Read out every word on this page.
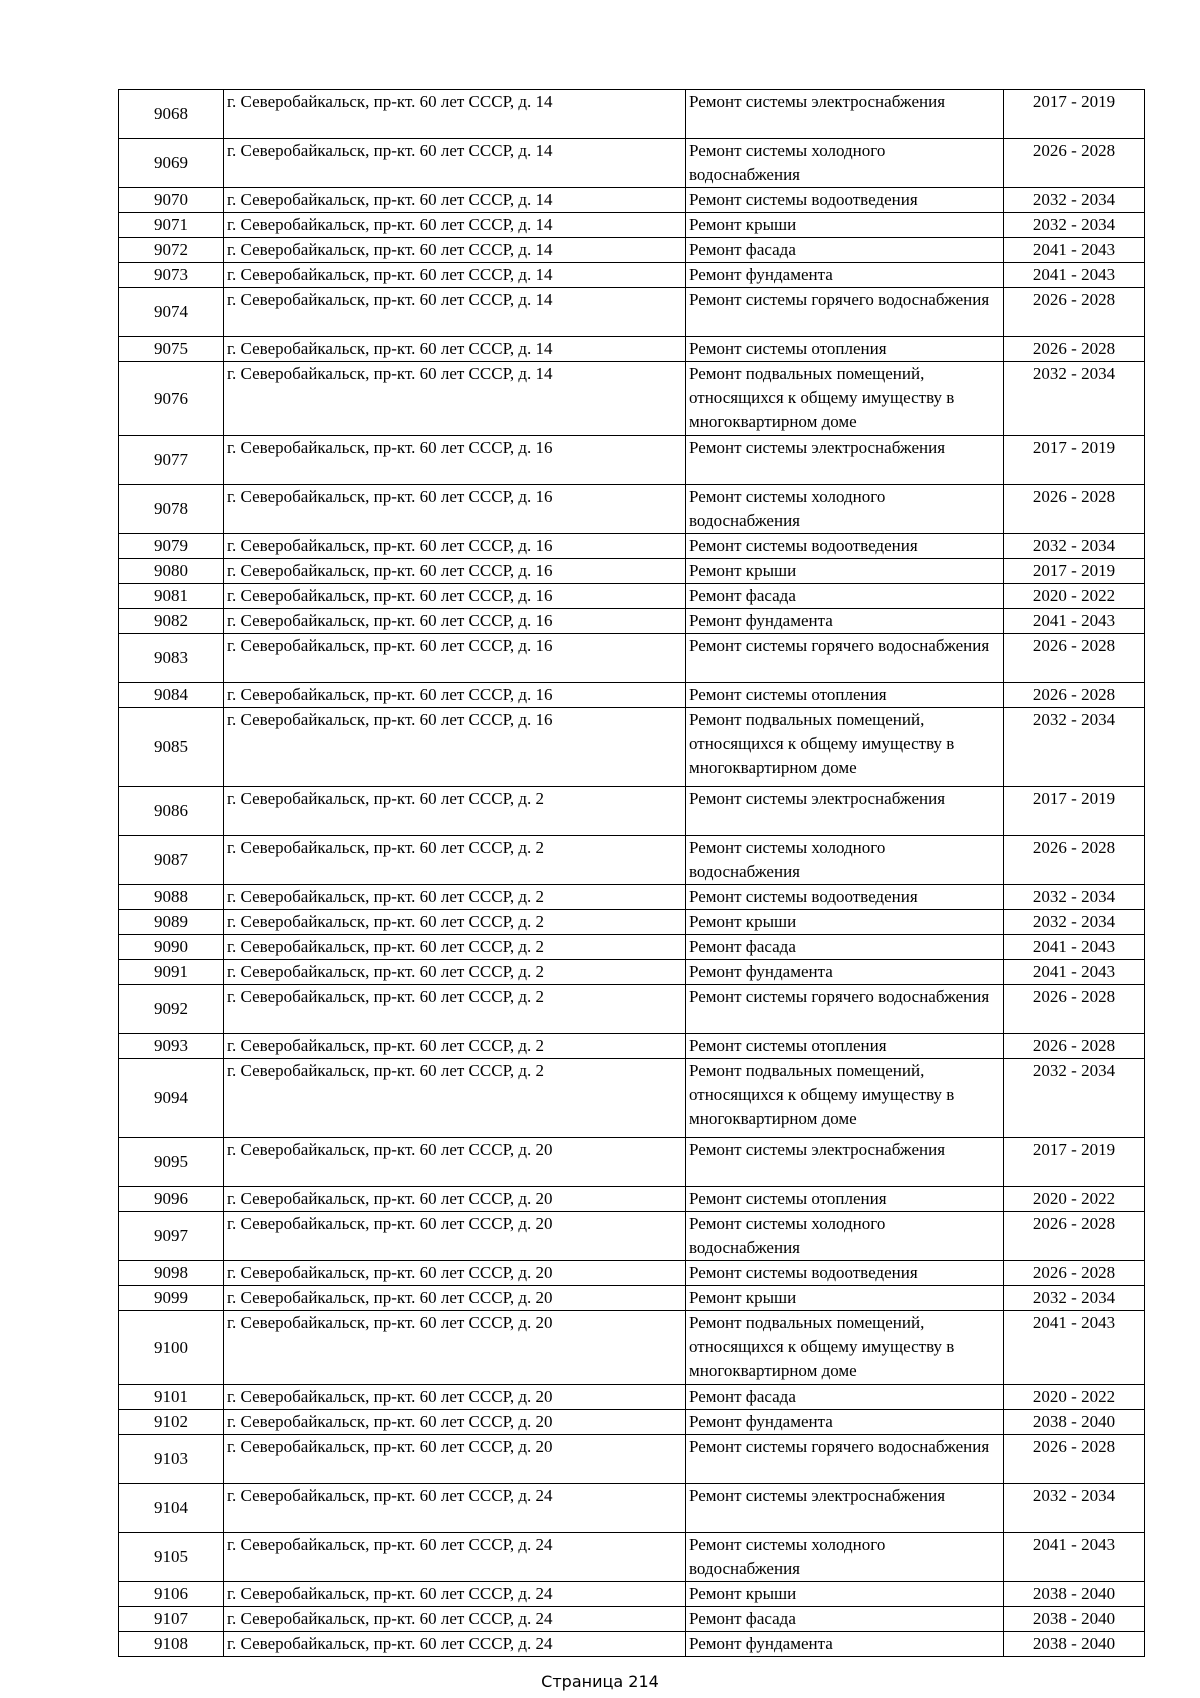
9068	г. Северобайкальск, пр-кт. 60 лет СССР, д. 14	Ремонт системы электроснабжения	2017 - 2019
9069	г. Северобайкальск, пр-кт. 60 лет СССР, д. 14	Ремонт системы холодного водоснабжения	2026 - 2028
9070	г. Северобайкальск, пр-кт. 60 лет СССР, д. 14	Ремонт системы водоотведения	2032 - 2034
9071	г. Северобайкальск, пр-кт. 60 лет СССР, д. 14	Ремонт крыши	2032 - 2034
9072	г. Северобайкальск, пр-кт. 60 лет СССР, д. 14	Ремонт фасада	2041 - 2043
9073	г. Северобайкальск, пр-кт. 60 лет СССР, д. 14	Ремонт фундамента	2041 - 2043
9074	г. Северобайкальск, пр-кт. 60 лет СССР, д. 14	Ремонт системы горячего водоснабжения	2026 - 2028
9075	г. Северобайкальск, пр-кт. 60 лет СССР, д. 14	Ремонт системы отопления	2026 - 2028
9076	г. Северобайкальск, пр-кт. 60 лет СССР, д. 14	Ремонт подвальных помещений, относящихся к общему имуществу в многоквартирном доме	2032 - 2034
9077	г. Северобайкальск, пр-кт. 60 лет СССР, д. 16	Ремонт системы электроснабжения	2017 - 2019
9078	г. Северобайкальск, пр-кт. 60 лет СССР, д. 16	Ремонт системы холодного водоснабжения	2026 - 2028
9079	г. Северобайкальск, пр-кт. 60 лет СССР, д. 16	Ремонт системы водоотведения	2032 - 2034
9080	г. Северобайкальск, пр-кт. 60 лет СССР, д. 16	Ремонт крыши	2017 - 2019
9081	г. Северобайкальск, пр-кт. 60 лет СССР, д. 16	Ремонт фасада	2020 - 2022
9082	г. Северобайкальск, пр-кт. 60 лет СССР, д. 16	Ремонт фундамента	2041 - 2043
9083	г. Северобайкальск, пр-кт. 60 лет СССР, д. 16	Ремонт системы горячего водоснабжения	2026 - 2028
9084	г. Северобайкальск, пр-кт. 60 лет СССР, д. 16	Ремонт системы отопления	2026 - 2028
9085	г. Северобайкальск, пр-кт. 60 лет СССР, д. 16	Ремонт подвальных помещений, относящихся к общему имуществу в многоквартирном доме	2032 - 2034
9086	г. Северобайкальск, пр-кт. 60 лет СССР, д. 2	Ремонт системы электроснабжения	2017 - 2019
9087	г. Северобайкальск, пр-кт. 60 лет СССР, д. 2	Ремонт системы холодного водоснабжения	2026 - 2028
9088	г. Северобайкальск, пр-кт. 60 лет СССР, д. 2	Ремонт системы водоотведения	2032 - 2034
9089	г. Северобайкальск, пр-кт. 60 лет СССР, д. 2	Ремонт крыши	2032 - 2034
9090	г. Северобайкальск, пр-кт. 60 лет СССР, д. 2	Ремонт фасада	2041 - 2043
9091	г. Северобайкальск, пр-кт. 60 лет СССР, д. 2	Ремонт фундамента	2041 - 2043
9092	г. Северобайкальск, пр-кт. 60 лет СССР, д. 2	Ремонт системы горячего водоснабжения	2026 - 2028
9093	г. Северобайкальск, пр-кт. 60 лет СССР, д. 2	Ремонт системы отопления	2026 - 2028
9094	г. Северобайкальск, пр-кт. 60 лет СССР, д. 2	Ремонт подвальных помещений, относящихся к общему имуществу в многоквартирном доме	2032 - 2034
9095	г. Северобайкальск, пр-кт. 60 лет СССР, д. 20	Ремонт системы электроснабжения	2017 - 2019
9096	г. Северобайкальск, пр-кт. 60 лет СССР, д. 20	Ремонт системы отопления	2020 - 2022
9097	г. Северобайкальск, пр-кт. 60 лет СССР, д. 20	Ремонт системы холодного водоснабжения	2026 - 2028
9098	г. Северобайкальск, пр-кт. 60 лет СССР, д. 20	Ремонт системы водоотведения	2026 - 2028
9099	г. Северобайкальск, пр-кт. 60 лет СССР, д. 20	Ремонт крыши	2032 - 2034
9100	г. Северобайкальск, пр-кт. 60 лет СССР, д. 20	Ремонт подвальных помещений, относящихся к общему имуществу в многоквартирном доме	2041 - 2043
9101	г. Северобайкальск, пр-кт. 60 лет СССР, д. 20	Ремонт фасада	2020 - 2022
9102	г. Северобайкальск, пр-кт. 60 лет СССР, д. 20	Ремонт фундамента	2038 - 2040
9103	г. Северобайкальск, пр-кт. 60 лет СССР, д. 20	Ремонт системы горячего водоснабжения	2026 - 2028
9104	г. Северобайкальск, пр-кт. 60 лет СССР, д. 24	Ремонт системы электроснабжения	2032 - 2034
9105	г. Северобайкальск, пр-кт. 60 лет СССР, д. 24	Ремонт системы холодного водоснабжения	2041 - 2043
9106	г. Северобайкальск, пр-кт. 60 лет СССР, д. 24	Ремонт крыши	2038 - 2040
9107	г. Северобайкальск, пр-кт. 60 лет СССР, д. 24	Ремонт фасада	2038 - 2040
9108	г. Северобайкальск, пр-кт. 60 лет СССР, д. 24	Ремонт фундамента	2038 - 2040
Страница 214
